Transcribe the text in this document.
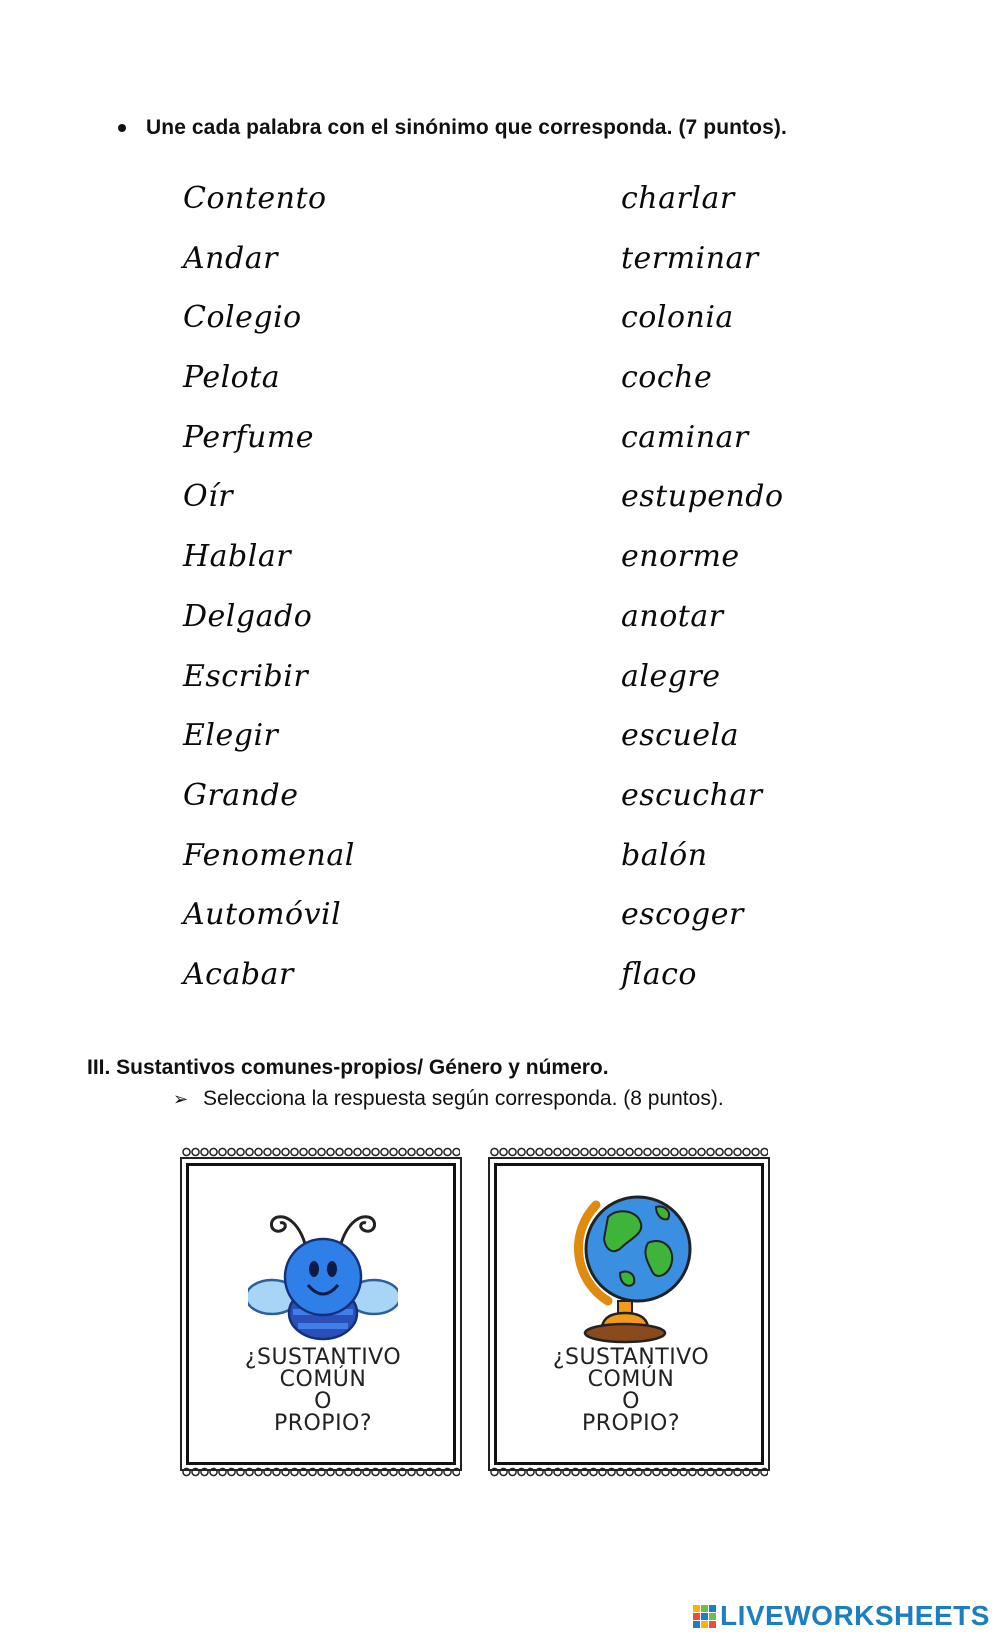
Une cada palabra con el sinónimo que corresponda. (7 puntos).
Contento
Andar
Colegio
Pelota
Perfume
Oír
Hablar
Delgado
Escribir
Elegir
Grande
Fenomenal
Automóvil
Acabar
charlar
terminar
colonia
coche
caminar
estupendo
enorme
anotar
alegre
escuela
escuchar
balón
escoger
flaco
III. Sustantivos comunes-propios/ Género y número.
➢ Selecciona la respuesta según corresponda. (8 puntos).
¿SUSTANTIVO
COMÚN
O
PROPIO?
¿SUSTANTIVO
COMÚN
O
PROPIO?
LIVEWORKSHEETS
